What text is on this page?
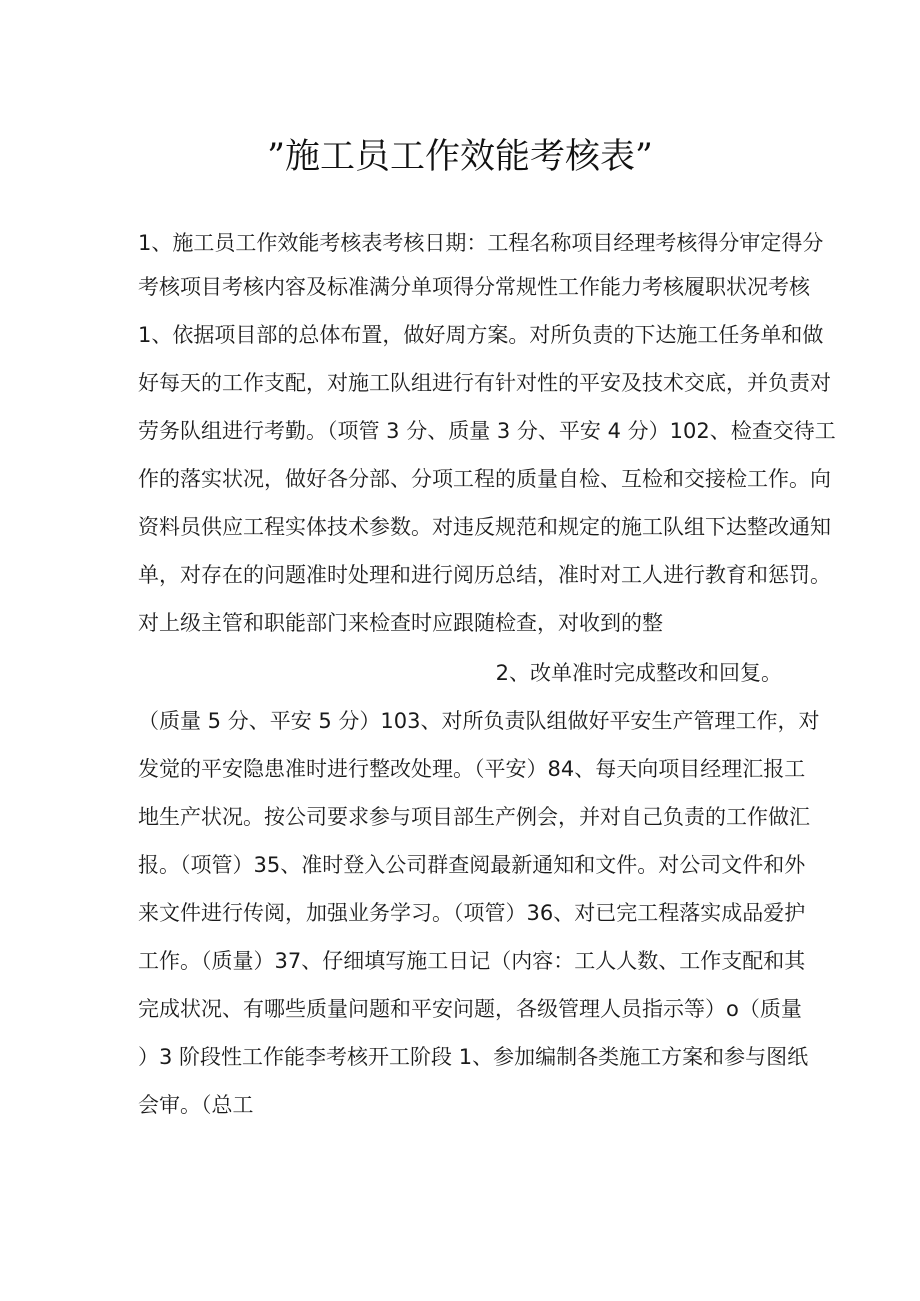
”施工员工作效能考核表”
1、施工员工作效能考核表考核日期：工程名称项目经理考核得分审定得分
考核项目考核内容及标准满分单项得分常规性工作能力考核履职状况考核
1、依据项目部的总体布置，做好周方案。对所负责的下达施工任务单和做
好每天的工作支配，对施工队组进行有针对性的平安及技术交底，并负责对
劳务队组进行考勤。（项管 3 分、质量 3 分、平安 4 分）102、检查交待工
作的落实状况，做好各分部、分项工程的质量自检、互检和交接检工作。向
资料员供应工程实体技术参数。对违反规范和规定的施工队组下达整改通知
单，对存在的问题准时处理和进行阅历总结，准时对工人进行教育和惩罚。
对上级主管和职能部门来检查时应跟随检查，对收到的整
2、改单准时完成整改和回复。
（质量 5 分、平安 5 分）103、对所负责队组做好平安生产管理工作，对
发觉的平安隐患准时进行整改处理。（平安）84、每天向项目经理汇报工
地生产状况。按公司要求参与项目部生产例会，并对自己负责的工作做汇
报。（项管）35、准时登入公司群查阅最新通知和文件。对公司文件和外
来文件进行传阅，加强业务学习。（项管）36、对已完工程落实成品爱护
工作。（质量）37、仔细填写施工日记（内容：工人人数、工作支配和其
完成状况、有哪些质量问题和平安问题，各级管理人员指示等）o（质量
）3 阶段性工作能李考核开工阶段 1、参加编制各类施工方案和参与图纸
会审。（总工
